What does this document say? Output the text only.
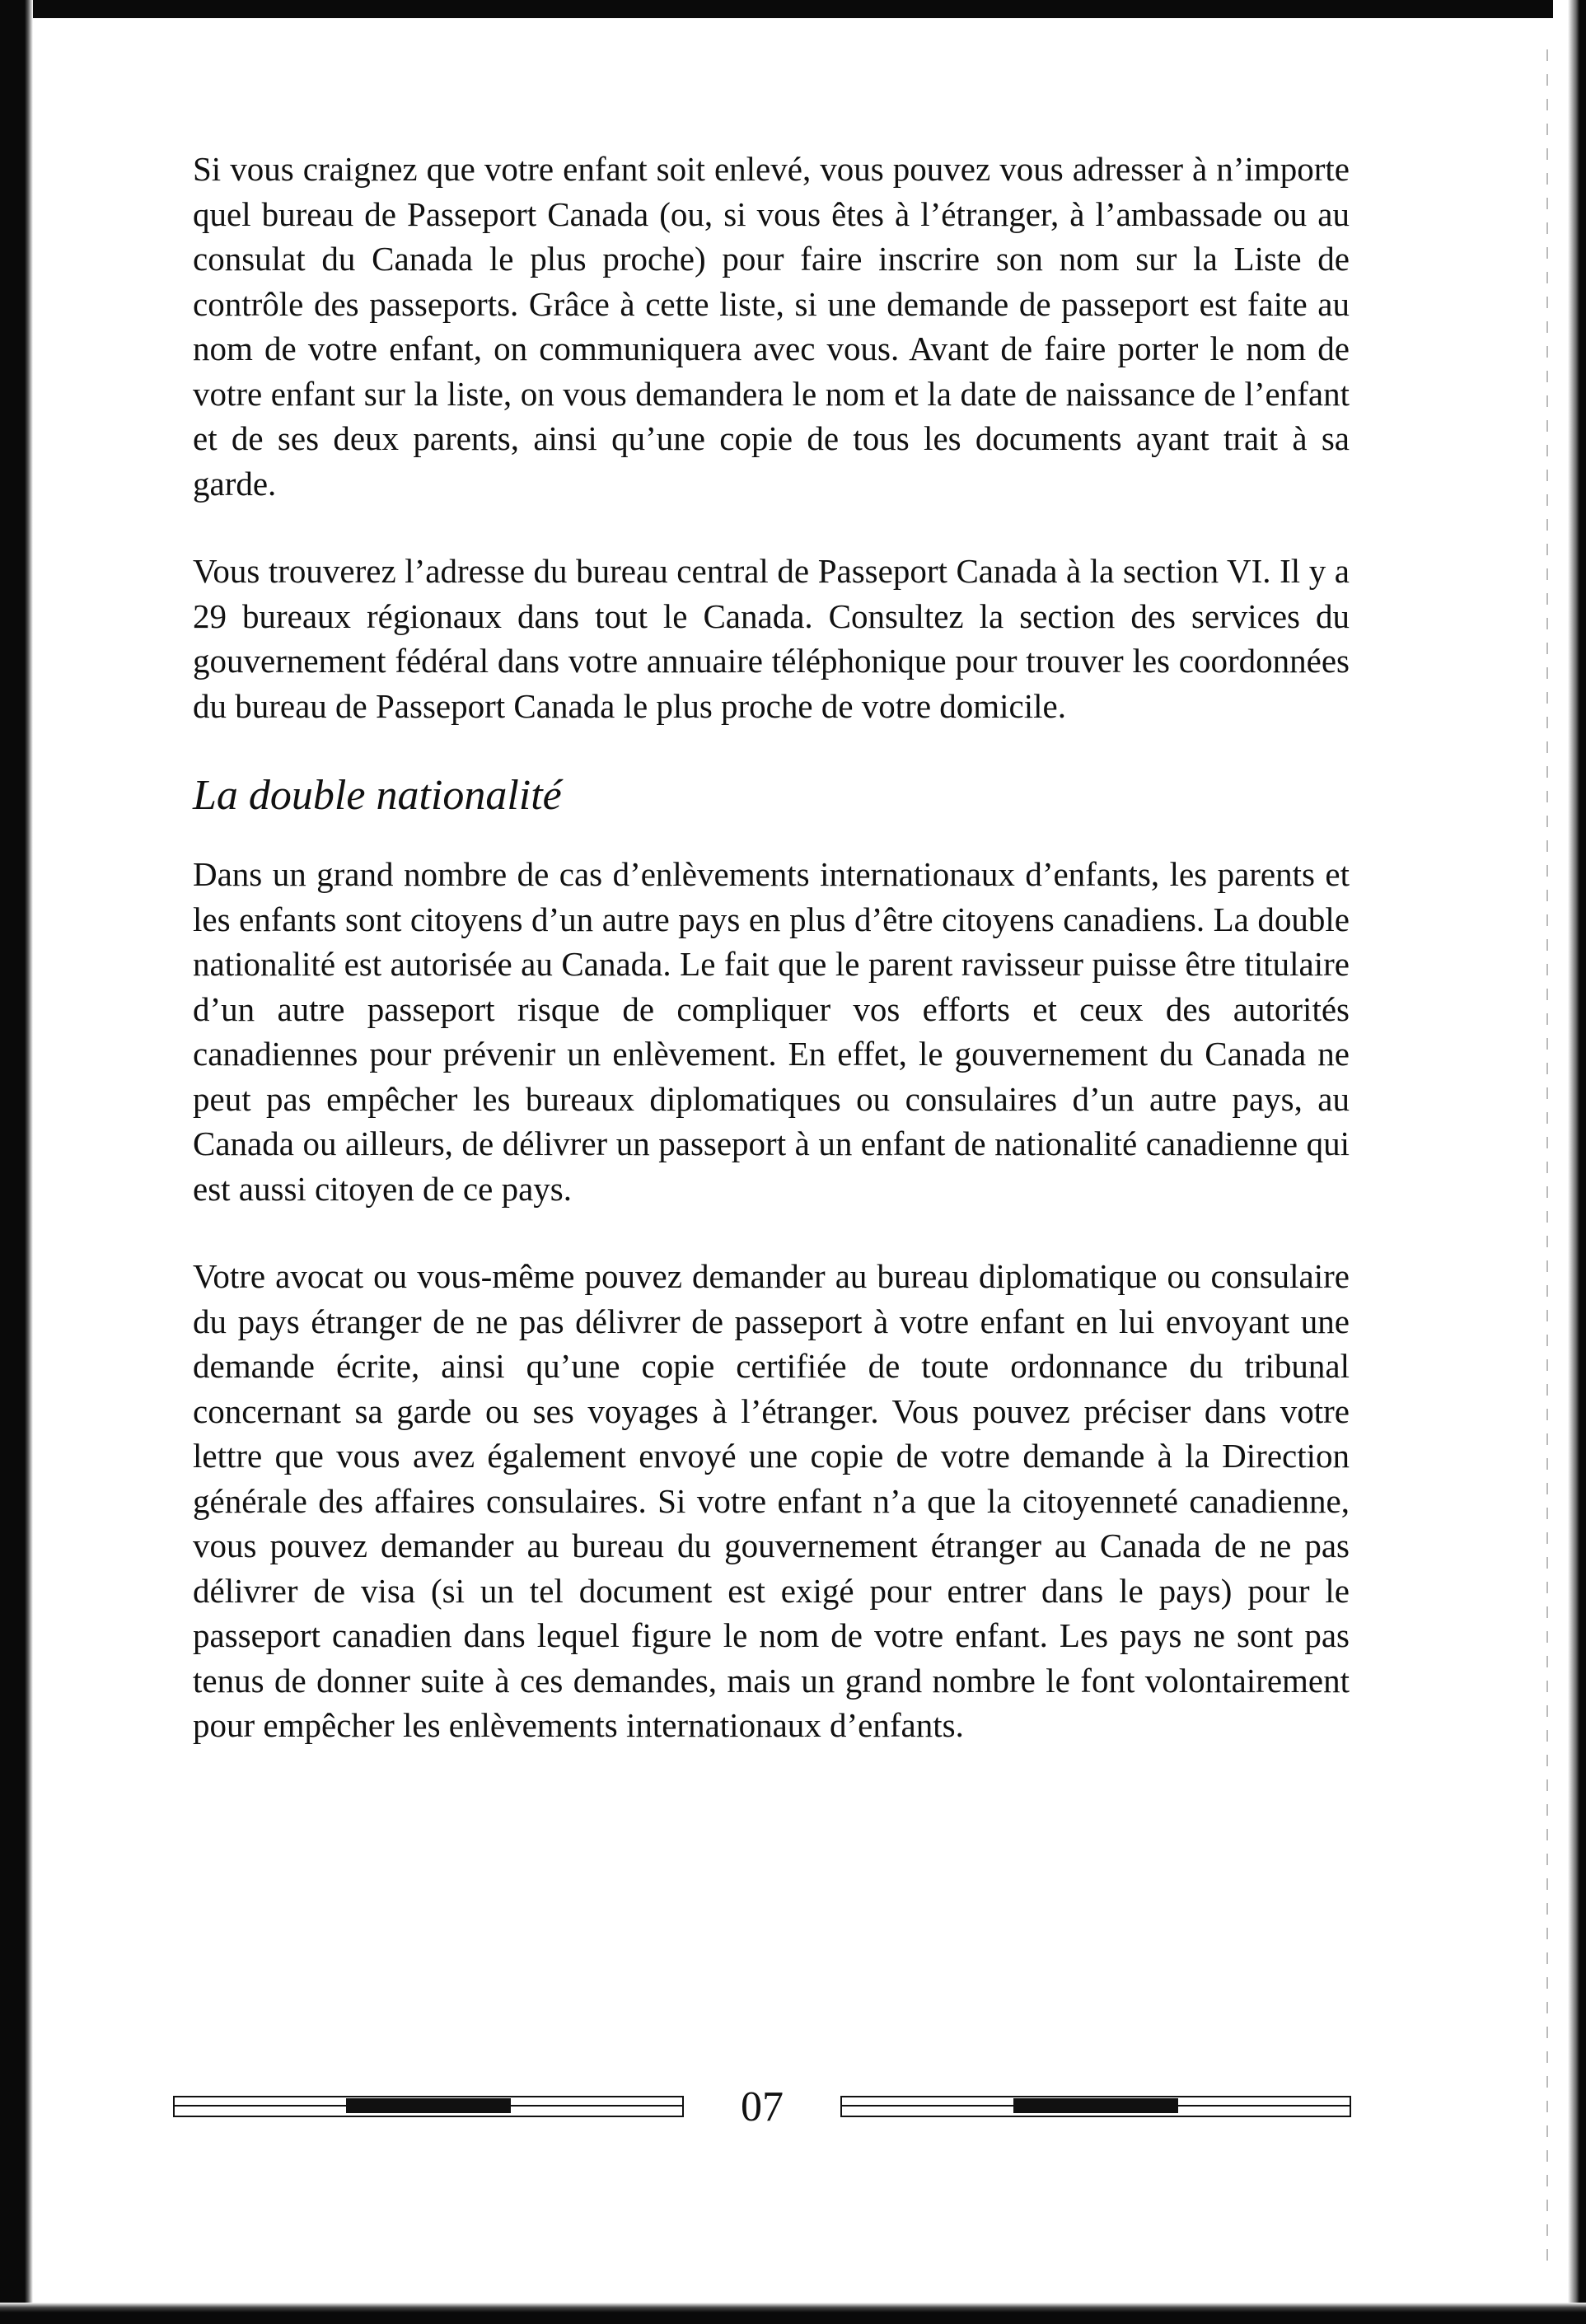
Si vous craignez que votre enfant soit enlevé, vous pouvez vous adresser à n’importe quel bureau de Passeport Canada (ou, si vous êtes à l’étranger, à l’ambassade ou au consulat du Canada le plus proche) pour faire inscrire son nom sur la Liste de contrôle des passeports. Grâce à cette liste, si une demande de passeport est faite au nom de votre enfant, on communiquera avec vous. Avant de faire porter le nom de votre enfant sur la liste, on vous demandera le nom et la date de naissance de l’enfant et de ses deux parents, ainsi qu’une copie de tous les documents ayant trait à sa garde.

Vous trouverez l’adresse du bureau central de Passeport Canada à la section VI. Il y a 29 bureaux régionaux dans tout le Canada. Consultez la section des services du gouvernement fédéral dans votre annuaire téléphonique pour trouver les coordonnées du bureau de Passeport Canada le plus proche de votre domicile.

La double nationalité

Dans un grand nombre de cas d’enlèvements internationaux d’enfants, les parents et les enfants sont citoyens d’un autre pays en plus d’être citoyens canadiens. La double nationalité est autorisée au Canada. Le fait que le parent ravisseur puisse être titulaire d’un autre passeport risque de compliquer vos efforts et ceux des autorités canadiennes pour prévenir un enlèvement. En effet, le gouvernement du Canada ne peut pas empêcher les bureaux diplomatiques ou consulaires d’un autre pays, au Canada ou ailleurs, de délivrer un passeport à un enfant de nationalité canadienne qui est aussi citoyen de ce pays.

Votre avocat ou vous-même pouvez demander au bureau diplomatique ou consulaire du pays étranger de ne pas délivrer de passeport à votre enfant en lui envoyant une demande écrite, ainsi qu’une copie certifiée de toute ordonnance du tribunal concernant sa garde ou ses voyages à l’étranger. Vous pouvez préciser dans votre lettre que vous avez également envoyé une copie de votre demande à la Direction générale des affaires consulaires. Si votre enfant n’a que la citoyenneté canadienne, vous pouvez demander au bureau du gouvernement étranger au Canada de ne pas délivrer de visa (si un tel document est exigé pour entrer dans le pays) pour le passeport canadien dans lequel figure le nom de votre enfant. Les pays ne sont pas tenus de donner suite à ces demandes, mais un grand nombre le font volontairement pour empêcher les enlèvements internationaux d’enfants.

07
